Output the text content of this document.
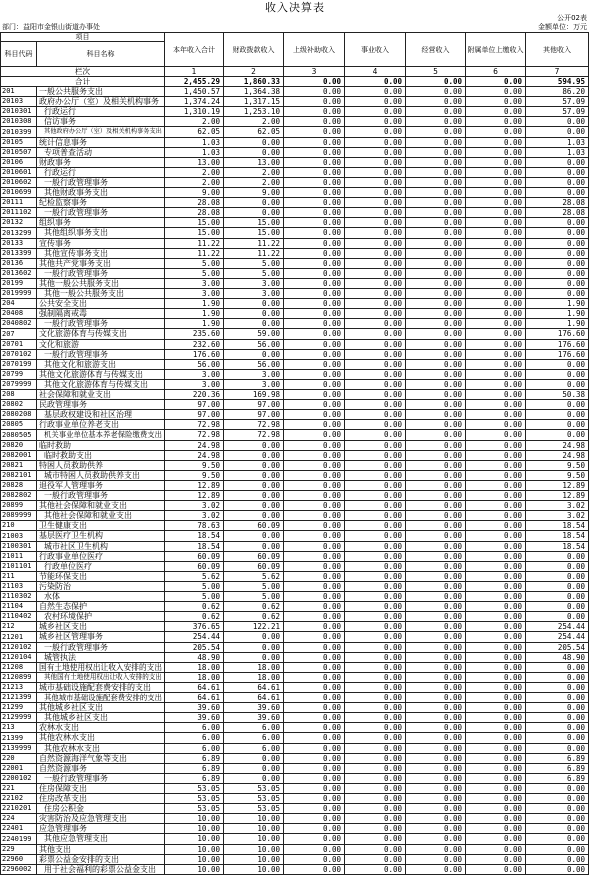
收入决算表
公开02表
部门：益阳市金银山街道办事处	金额单位：万元
项目
科目代码	科目名称	本年收入合计	财政拨款收入	上级补助收入	事业收入	经营收入	附属单位上缴收入	其他收入
栏次	1	2	3	4	5	6	7
合计	2,455.29	1,860.33	0.00	0.00	0.00	0.00	594.95
201	一般公共服务支出	1,450.57	1,364.38	0.00	0.00	0.00	0.00	86.20
20103	政府办公厅（室）及相关机构事务	1,374.24	1,317.15	0.00	0.00	0.00	0.00	57.09
2010301	行政运行	1,310.19	1,253.10	0.00	0.00	0.00	0.00	57.09
2010308	信访事务	2.00	2.00	0.00	0.00	0.00	0.00	0.00
2010399	其他政府办公厅（室）及相关机构事务支出	62.05	62.05	0.00	0.00	0.00	0.00	0.00
20105	统计信息事务	1.03	0.00	0.00	0.00	0.00	0.00	1.03
2010507	专项普查活动	1.03	0.00	0.00	0.00	0.00	0.00	1.03
20106	财政事务	13.00	13.00	0.00	0.00	0.00	0.00	0.00
2010601	行政运行	2.00	2.00	0.00	0.00	0.00	0.00	0.00
2010602	一般行政管理事务	2.00	2.00	0.00	0.00	0.00	0.00	0.00
2010699	其他财政事务支出	9.00	9.00	0.00	0.00	0.00	0.00	0.00
20111	纪检监察事务	28.08	0.00	0.00	0.00	0.00	0.00	28.08
2011102	一般行政管理事务	28.08	0.00	0.00	0.00	0.00	0.00	28.08
20132	组织事务	15.00	15.00	0.00	0.00	0.00	0.00	0.00
2013299	其他组织事务支出	15.00	15.00	0.00	0.00	0.00	0.00	0.00
20133	宣传事务	11.22	11.22	0.00	0.00	0.00	0.00	0.00
2013399	其他宣传事务支出	11.22	11.22	0.00	0.00	0.00	0.00	0.00
20136	其他共产党事务支出	5.00	5.00	0.00	0.00	0.00	0.00	0.00
2013602	一般行政管理事务	5.00	5.00	0.00	0.00	0.00	0.00	0.00
20199	其他一般公共服务支出	3.00	3.00	0.00	0.00	0.00	0.00	0.00
2019999	其他一般公共服务支出	3.00	3.00	0.00	0.00	0.00	0.00	0.00
204	公共安全支出	1.90	0.00	0.00	0.00	0.00	0.00	1.90
20408	强制隔离戒毒	1.90	0.00	0.00	0.00	0.00	0.00	1.90
2040802	一般行政管理事务	1.90	0.00	0.00	0.00	0.00	0.00	1.90
207	文化旅游体育与传媒支出	235.60	59.00	0.00	0.00	0.00	0.00	176.60
20701	文化和旅游	232.60	56.00	0.00	0.00	0.00	0.00	176.60
2070102	一般行政管理事务	176.60	0.00	0.00	0.00	0.00	0.00	176.60
2070199	其他文化和旅游支出	56.00	56.00	0.00	0.00	0.00	0.00	0.00
20799	其他文化旅游体育与传媒支出	3.00	3.00	0.00	0.00	0.00	0.00	0.00
2079999	其他文化旅游体育与传媒支出	3.00	3.00	0.00	0.00	0.00	0.00	0.00
208	社会保障和就业支出	220.36	169.98	0.00	0.00	0.00	0.00	50.38
20802	民政管理事务	97.00	97.00	0.00	0.00	0.00	0.00	0.00
2080208	基层政权建设和社区治理	97.00	97.00	0.00	0.00	0.00	0.00	0.00
20805	行政事业单位养老支出	72.98	72.98	0.00	0.00	0.00	0.00	0.00
2080505	机关事业单位基本养老保险缴费支出	72.98	72.98	0.00	0.00	0.00	0.00	0.00
20820	临时救助	24.98	0.00	0.00	0.00	0.00	0.00	24.98
2082001	临时救助支出	24.98	0.00	0.00	0.00	0.00	0.00	24.98
20821	特困人员救助供养	9.50	0.00	0.00	0.00	0.00	0.00	9.50
2082101	城市特困人员救助供养支出	9.50	0.00	0.00	0.00	0.00	0.00	9.50
20828	退役军人管理事务	12.89	0.00	0.00	0.00	0.00	0.00	12.89
2082802	一般行政管理事务	12.89	0.00	0.00	0.00	0.00	0.00	12.89
20899	其他社会保障和就业支出	3.02	0.00	0.00	0.00	0.00	0.00	3.02
2089999	其他社会保障和就业支出	3.02	0.00	0.00	0.00	0.00	0.00	3.02
210	卫生健康支出	78.63	60.09	0.00	0.00	0.00	0.00	18.54
21003	基层医疗卫生机构	18.54	0.00	0.00	0.00	0.00	0.00	18.54
2100301	城市社区卫生机构	18.54	0.00	0.00	0.00	0.00	0.00	18.54
21011	行政事业单位医疗	60.09	60.09	0.00	0.00	0.00	0.00	0.00
2101101	行政单位医疗	60.09	60.09	0.00	0.00	0.00	0.00	0.00
211	节能环保支出	5.62	5.62	0.00	0.00	0.00	0.00	0.00
21103	污染防治	5.00	5.00	0.00	0.00	0.00	0.00	0.00
2110302	水体	5.00	5.00	0.00	0.00	0.00	0.00	0.00
21104	自然生态保护	0.62	0.62	0.00	0.00	0.00	0.00	0.00
2110402	农村环境保护	0.62	0.62	0.00	0.00	0.00	0.00	0.00
212	城乡社区支出	376.65	122.21	0.00	0.00	0.00	0.00	254.44
21201	城乡社区管理事务	254.44	0.00	0.00	0.00	0.00	0.00	254.44
2120102	一般行政管理事务	205.54	0.00	0.00	0.00	0.00	0.00	205.54
2120104	城管执法	48.90	0.00	0.00	0.00	0.00	0.00	48.90
21208	国有土地使用权出让收入安排的支出	18.00	18.00	0.00	0.00	0.00	0.00	0.00
2120899	其他国有土地使用权出让收入安排的支出	18.00	18.00	0.00	0.00	0.00	0.00	0.00
21213	城市基础设施配套费安排的支出	64.61	64.61	0.00	0.00	0.00	0.00	0.00
2121399	其他城市基础设施配套费安排的支出	64.61	64.61	0.00	0.00	0.00	0.00	0.00
21299	其他城乡社区支出	39.60	39.60	0.00	0.00	0.00	0.00	0.00
2129999	其他城乡社区支出	39.60	39.60	0.00	0.00	0.00	0.00	0.00
213	农林水支出	6.00	6.00	0.00	0.00	0.00	0.00	0.00
21399	其他农林水支出	6.00	6.00	0.00	0.00	0.00	0.00	0.00
2139999	其他农林水支出	6.00	6.00	0.00	0.00	0.00	0.00	0.00
220	自然资源海洋气象等支出	6.89	0.00	0.00	0.00	0.00	0.00	6.89
22001	自然资源事务	6.89	0.00	0.00	0.00	0.00	0.00	6.89
2200102	一般行政管理事务	6.89	0.00	0.00	0.00	0.00	0.00	6.89
221	住房保障支出	53.05	53.05	0.00	0.00	0.00	0.00	0.00
22102	住房改革支出	53.05	53.05	0.00	0.00	0.00	0.00	0.00
2210201	住房公积金	53.05	53.05	0.00	0.00	0.00	0.00	0.00
224	灾害防治及应急管理支出	10.00	10.00	0.00	0.00	0.00	0.00	0.00
22401	应急管理事务	10.00	10.00	0.00	0.00	0.00	0.00	0.00
2240199	其他应急管理支出	10.00	10.00	0.00	0.00	0.00	0.00	0.00
229	其他支出	10.00	10.00	0.00	0.00	0.00	0.00	0.00
22960	彩票公益金安排的支出	10.00	10.00	0.00	0.00	0.00	0.00	0.00
2296002	用于社会福利的彩票公益金支出	10.00	10.00	0.00	0.00	0.00	0.00	0.00
